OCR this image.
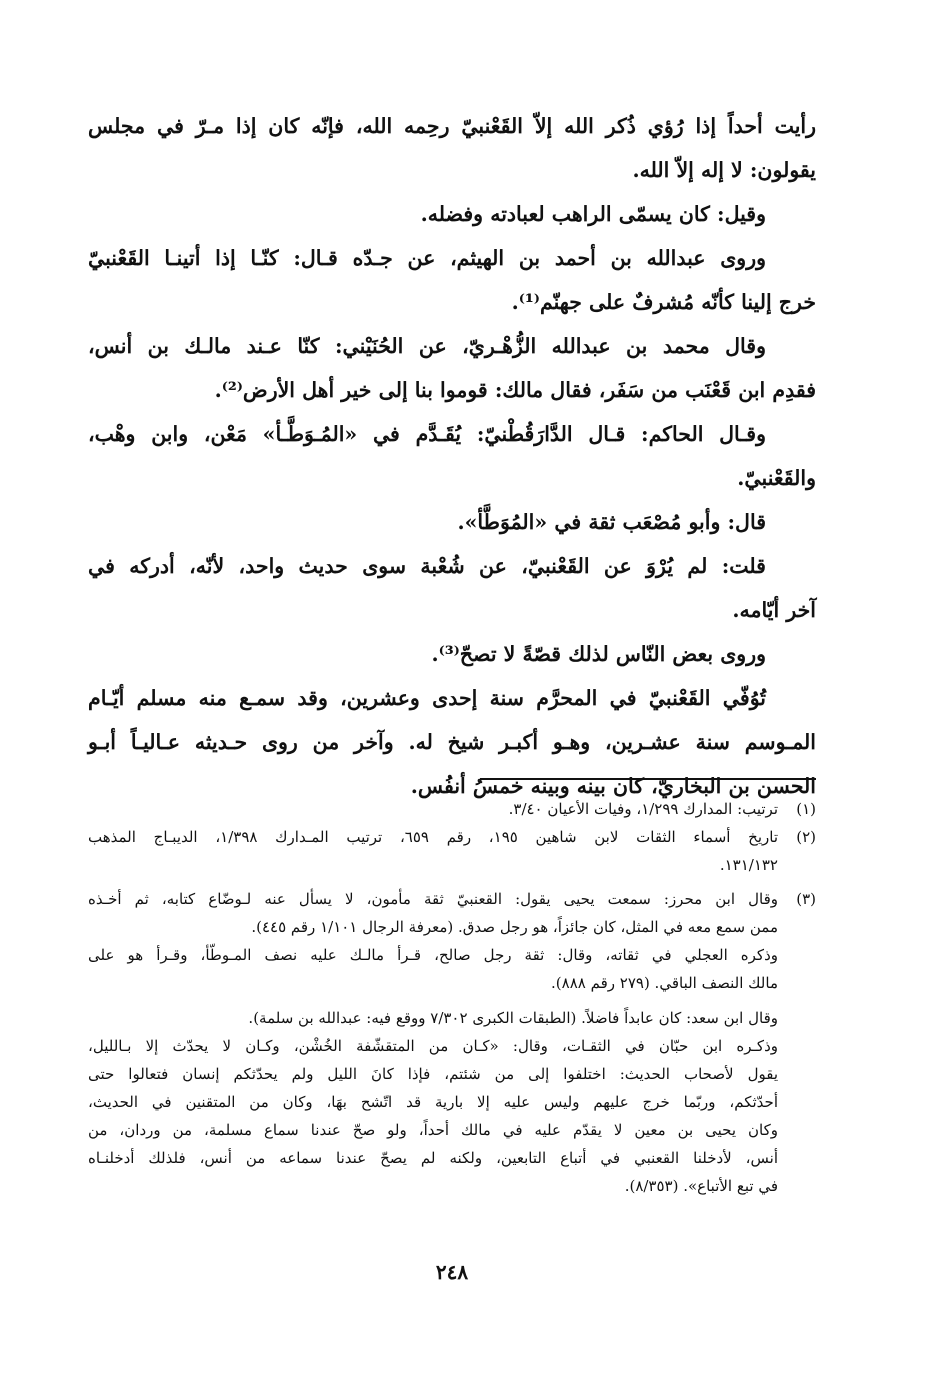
رأيت أحداً إذا رُؤي ذُكر الله إلاّ القَعْنبيّ رحِمه الله، فإنّه كان إذا مـرّ في مجلس
يقولون: لا إله إلاّ الله.
وقيل: كان يسمّى الراهب لعبادته وفضله.
وروى عبدالله بن أحمد بن الهيثم، عن جـدّه قـال: كنّـا إذا أتينـا القَعْنبيّ
خرج إلينا كأنّه مُشرفٌ على جهنّم⁽¹⁾.
وقال محمد بن عبدالله الزُّهْـريّ، عن الحُنَيْني: كنّا عـند مالـك بن أنس،
فقدِم ابن قَعْنَب من سَفَر، فقال مالك: قوموا بنا إلى خير أهل الأرض⁽²⁾.
وقـال الحاكم: قـال الدَّارَقُطْنيّ: يُقَـدَّم في «المُـوَطَّـأ» مَعْن، وابن وهْب،
والقَعْنبيّ.
قال: وأبو مُصْعَب ثقة في «المُوَطَّأ».
قلت: لم يُرْوَ عن القَعْنبيّ، عن شُعْبة سوى حديث واحد، لأنّه، أدركه في
آخر أيّامه.
وروى بعض النّاس لذلك قصّةً لا تصحّ⁽³⁾.
تُوُفّي القَعْنبيّ في المحرَّم سنة إحدى وعشرين، وقد سمـع منه مسلم أيّـام
المـوسم سنة عشـرين، وهـو أكبـر شيخ له. وآخر من روى حـديثه عـاليـاً أبـو
الحسن بن البخاريّ، كان بينه وبينه خمسُ أنفُس.
(١)
ترتيب: المدارك ١/٢٩٩، وفيات الأعيان ٣/٤٠.
(٢)
تاريخ أسماء الثقات لابن شاهين ١٩٥، رقم ٦٥٩، ترتيب المـدارك ١/٣٩٨، الديبـاج المذهب
١٣١/١٣٢.
(٣)
وقال ابن محرز: سمعت يحيى يقول: القعنبيّ ثقة مأمون، لا يسأل عنه لـوضّاع كتابه، ثم أخـذه
ممن سمع معه في المثل، كان جائزاً، هو رجل صدق. (معرفة الرجال ١/١٠١ رقم ٤٤٥).
وذكره العجلي في ثقاته، وقال: ثقة رجل صالح، قـرأ مالـك عليه نصف المـوطّأ، وقـرأ هو على
مالك النصف الباقي. (٢٧٩ رقم ٨٨٨).
وقال ابن سعد: كان عابداً فاضلاً. (الطبقات الكبرى ٧/٣٠٢ ووقع فيه: عبدالله بن سلمة).
وذكـره ابن حبّان في الثقـات، وقال: «كـان من المتقشّفة الخُشْن، وكـان لا يحدّث إلا بـالليل،
يقول لأصحاب الحديث: اختلفوا إلى من شئتم، فإذا كانَ الليل ولم يحدّثكم إنسان فتعالوا حتى
أحدّثكم، وربّما خرج عليهم وليس عليه إلا بارية قد اتّشح بهَا، وكان من المتقنين في الحديث،
وكان يحيى بن معين لا يقدّم عليه في مالك أحداً، ولو صحّ عندنا سماع مسلمة، من وردان، من
أنس، لأدخلنا القعنبي في أتباع التابعين، ولكنه لم يصحّ عندنا سماعه من أنس، فلذلك أدخلنـاه
في تبع الأتباع». (٨/٣٥٣).
٢٤٨
